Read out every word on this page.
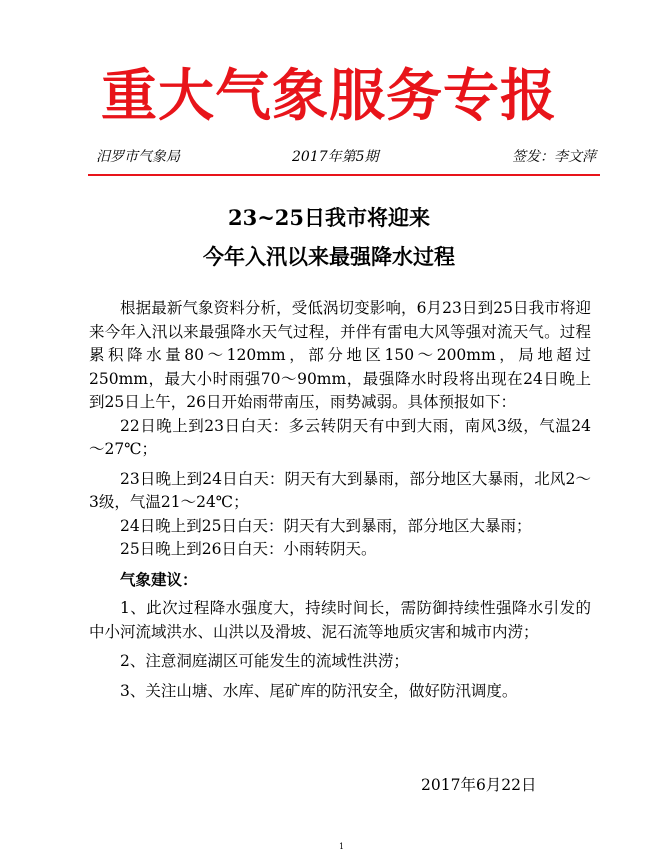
重大气象服务专报
汨罗市气象局	2017年第5期	签发：李文萍
23~25日我市将迎来
今年入汛以来最强降水过程

根据最新气象资料分析，受低涡切变影响，6月23日到25日我市将迎来今年入汛以来最强降水天气过程，并伴有雷电大风等强对流天气。过程累积降水量80～120mm，部分地区150～200mm，局地超过250mm，最大小时雨强70～90mm，最强降水时段将出现在24日晚上到25日上午，26日开始雨带南压，雨势减弱。具体预报如下：

22日晚上到23日白天：多云转阴天有中到大雨，南风3级，气温24～27℃；

23日晚上到24日白天：阴天有大到暴雨，部分地区大暴雨，北风2～3级，气温21～24℃；

24日晚上到25日白天：阴天有大到暴雨，部分地区大暴雨；

25日晚上到26日白天：小雨转阴天。

气象建议：

1、此次过程降水强度大，持续时间长，需防御持续性强降水引发的中小河流域洪水、山洪以及滑坡、泥石流等地质灾害和城市内涝；

2、注意洞庭湖区可能发生的流域性洪涝；

3、关注山塘、水库、尾矿库的防汛安全，做好防汛调度。

2017年6月22日
1
